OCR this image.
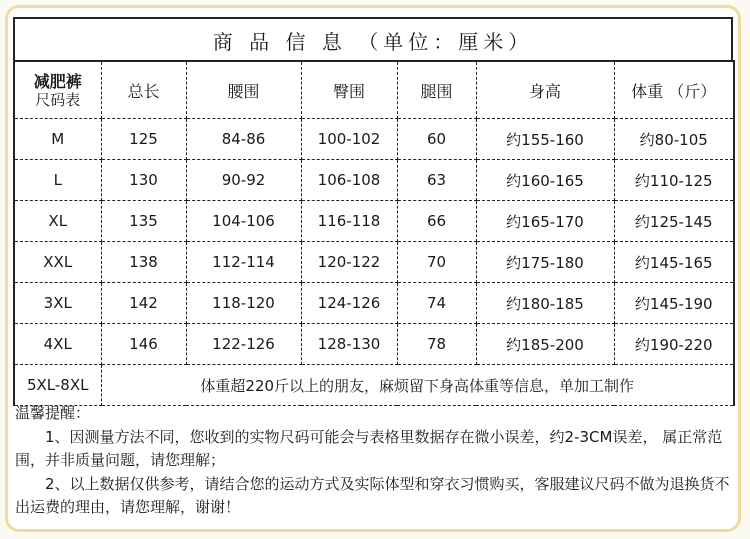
商 品 信 息 （单位：厘米）
减肥裤
尺码表	总长	腰围	臀围	腿围	身高	体重 （斤）
M	125	84-86	100-102	60	约155-160	约80-105
L	130	90-92	106-108	63	约160-165	约110-125
XL	135	104-106	116-118	66	约165-170	约125-145
XXL	138	112-114	120-122	70	约175-180	约145-165
3XL	142	118-120	124-126	74	约180-185	约145-190
4XL	146	122-126	128-130	78	约185-200	约190-220
5XL-8XL	体重超220斤以上的朋友，麻烦留下身高体重等信息，单加工制作					
温馨提醒：

1、因测量方法不同，您收到的实物尺码可能会与表格里数据存在微小误差，约2-3CM误差， 属正常范围，并非质量问题，请您理解；

2、以上数据仅供参考，请结合您的运动方式及实际体型和穿衣习惯购买，客服建议尺码不做为退换货不出运费的理由，请您理解，谢谢！
